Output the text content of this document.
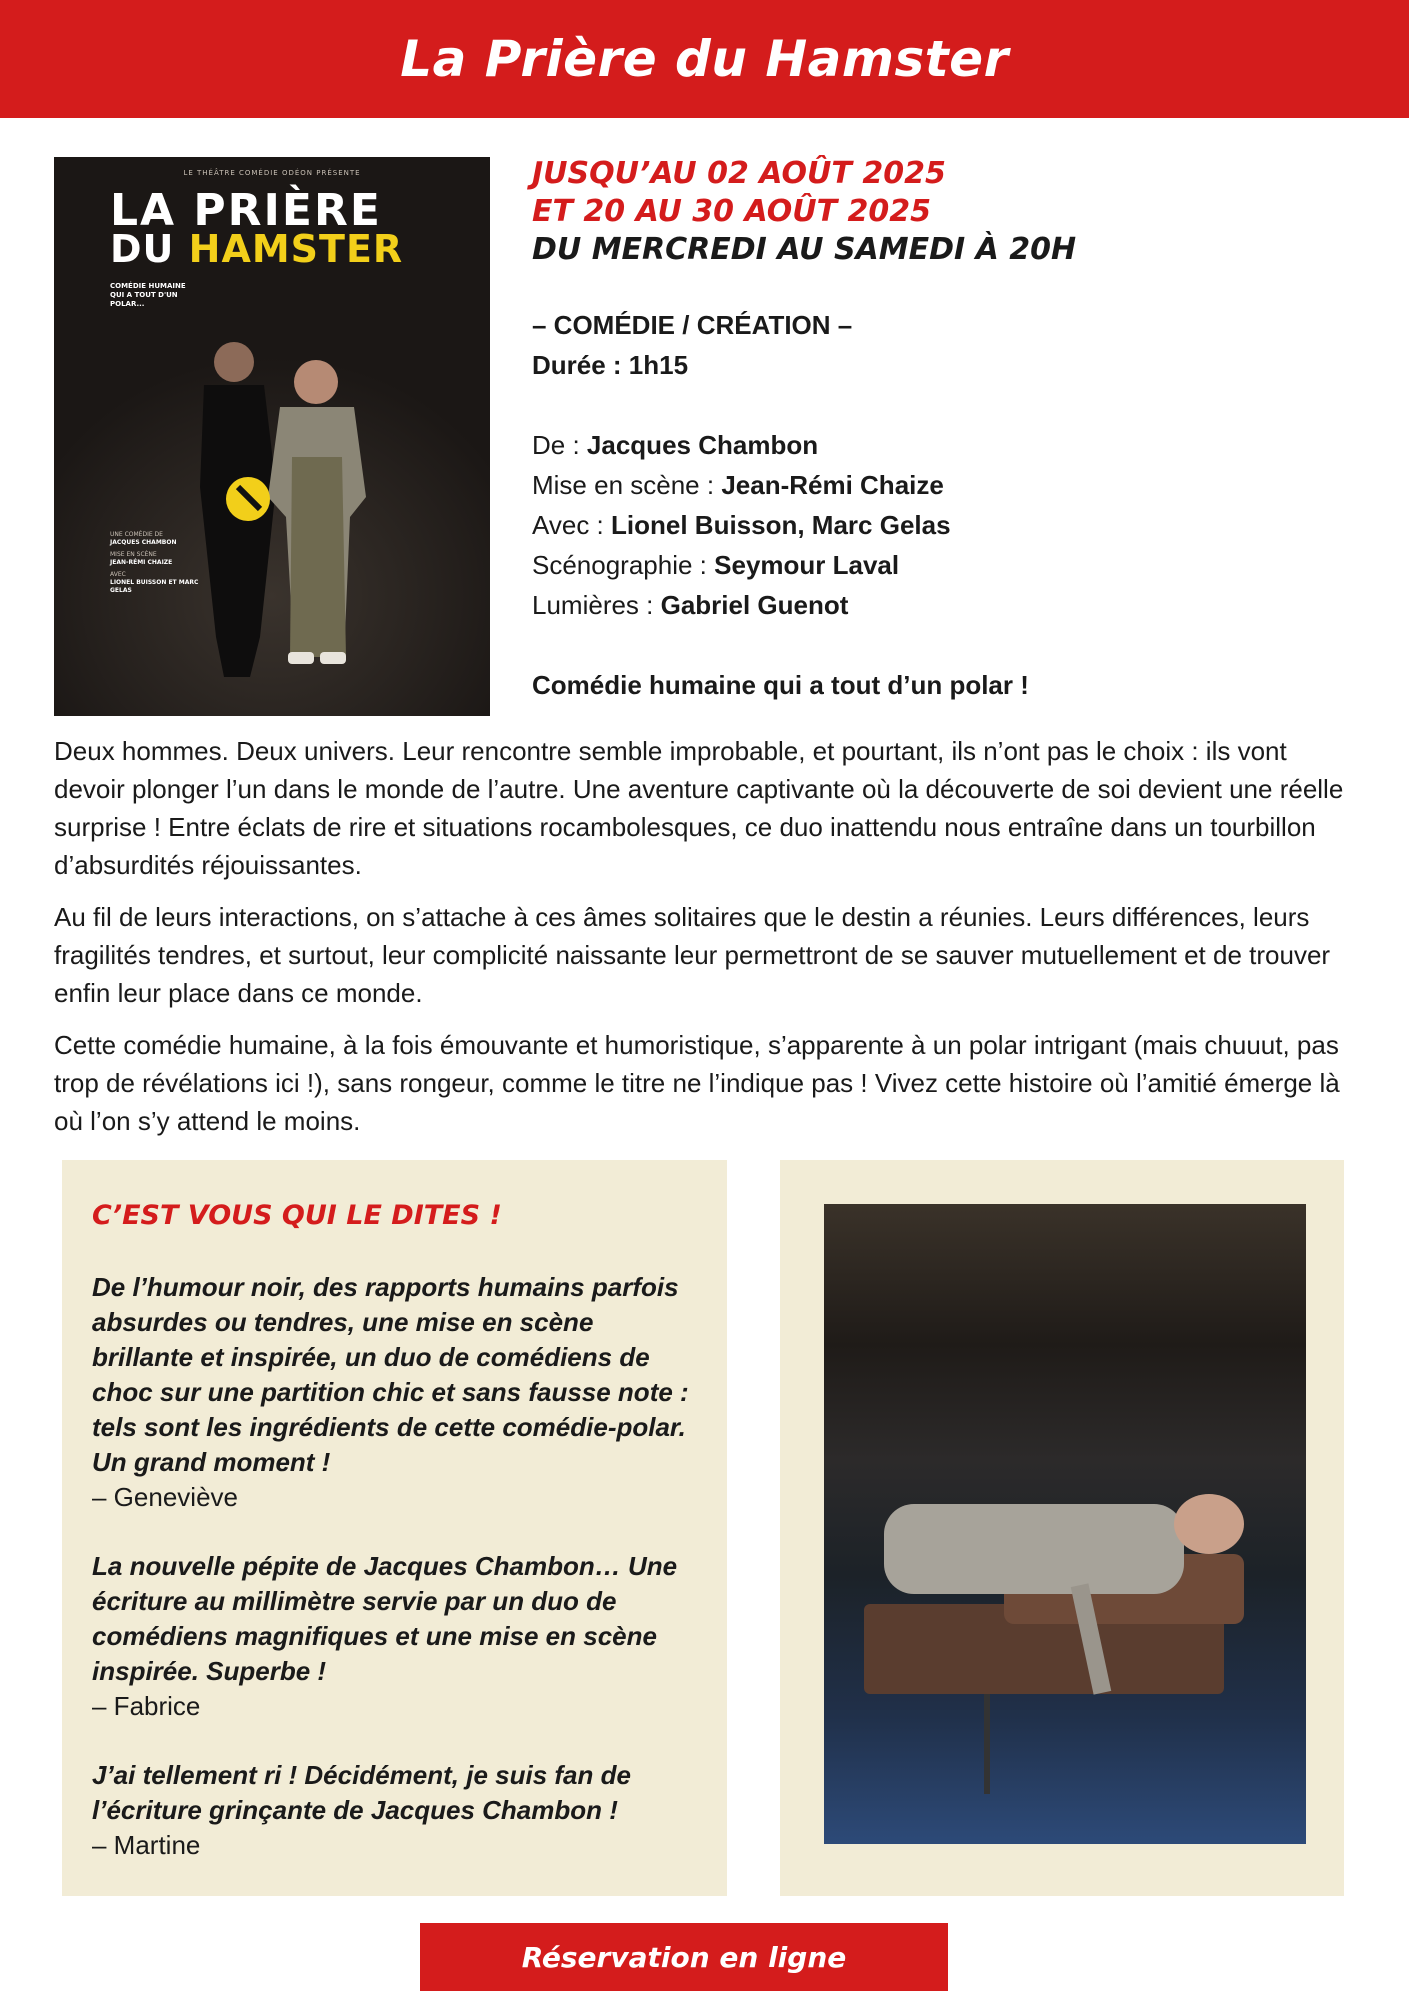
La Prière du Hamster
LE THÉÂTRE COMÉDIE ODÉON PRÉSENTE
LA PRIÈRE
DU HAMSTER
COMÉDIE HUMAINE QUI A TOUT D'UN POLAR...
UNE COMÉDIE DE
JACQUES CHAMBON
MISE EN SCÈNE
JEAN-RÉMI CHAIZE
AVEC
LIONEL BUISSON ET MARC GELAS
JUSQU’AU 02 AOÛT 2025
ET 20 AU 30 AOÛT 2025
DU MERCREDI AU SAMEDI À 20H
– COMÉDIE / CRÉATION –
Durée : 1h15
De : Jacques Chambon
Mise en scène : Jean-Rémi Chaize
Avec : Lionel Buisson, Marc Gelas
Scénographie : Seymour Laval
Lumières : Gabriel Guenot
Comédie humaine qui a tout d’un polar !

Deux hommes. Deux univers. Leur rencontre semble improbable, et pourtant, ils n’ont pas le choix : ils vont devoir plonger l’un dans le monde de l’autre. Une aventure captivante où la découverte de soi devient une réelle surprise ! Entre éclats de rire et situations rocambolesques, ce duo inattendu nous entraîne dans un tourbillon d’absurdités réjouissantes.

Au fil de leurs interactions, on s’attache à ces âmes solitaires que le destin a réunies. Leurs différences, leurs fragilités tendres, et surtout, leur complicité naissante leur permettront de se sauver mutuellement et de trouver enfin leur place dans ce monde.

Cette comédie humaine, à la fois émouvante et humoristique, s’apparente à un polar intrigant (mais chuuut, pas trop de révélations ici !), sans rongeur, comme le titre ne l’indique pas ! Vivez cette histoire où l’amitié émerge là où l’on s’y attend le moins.

C’EST VOUS QUI LE DITES !
De l’humour noir, des rapports humains parfois absurdes ou tendres, une mise en scène brillante et inspirée, un duo de comédiens de choc sur une partition chic et sans fausse note : tels sont les ingrédients de cette comédie-polar. Un grand moment !
– Geneviève
La nouvelle pépite de Jacques Chambon… Une écriture au millimètre servie par un duo de comédiens magnifiques et une mise en scène inspirée. Superbe !
– Fabrice
J’ai tellement ri ! Décidément, je suis fan de l’écriture grinçante de Jacques Chambon !
– Martine
Réservation en ligne
